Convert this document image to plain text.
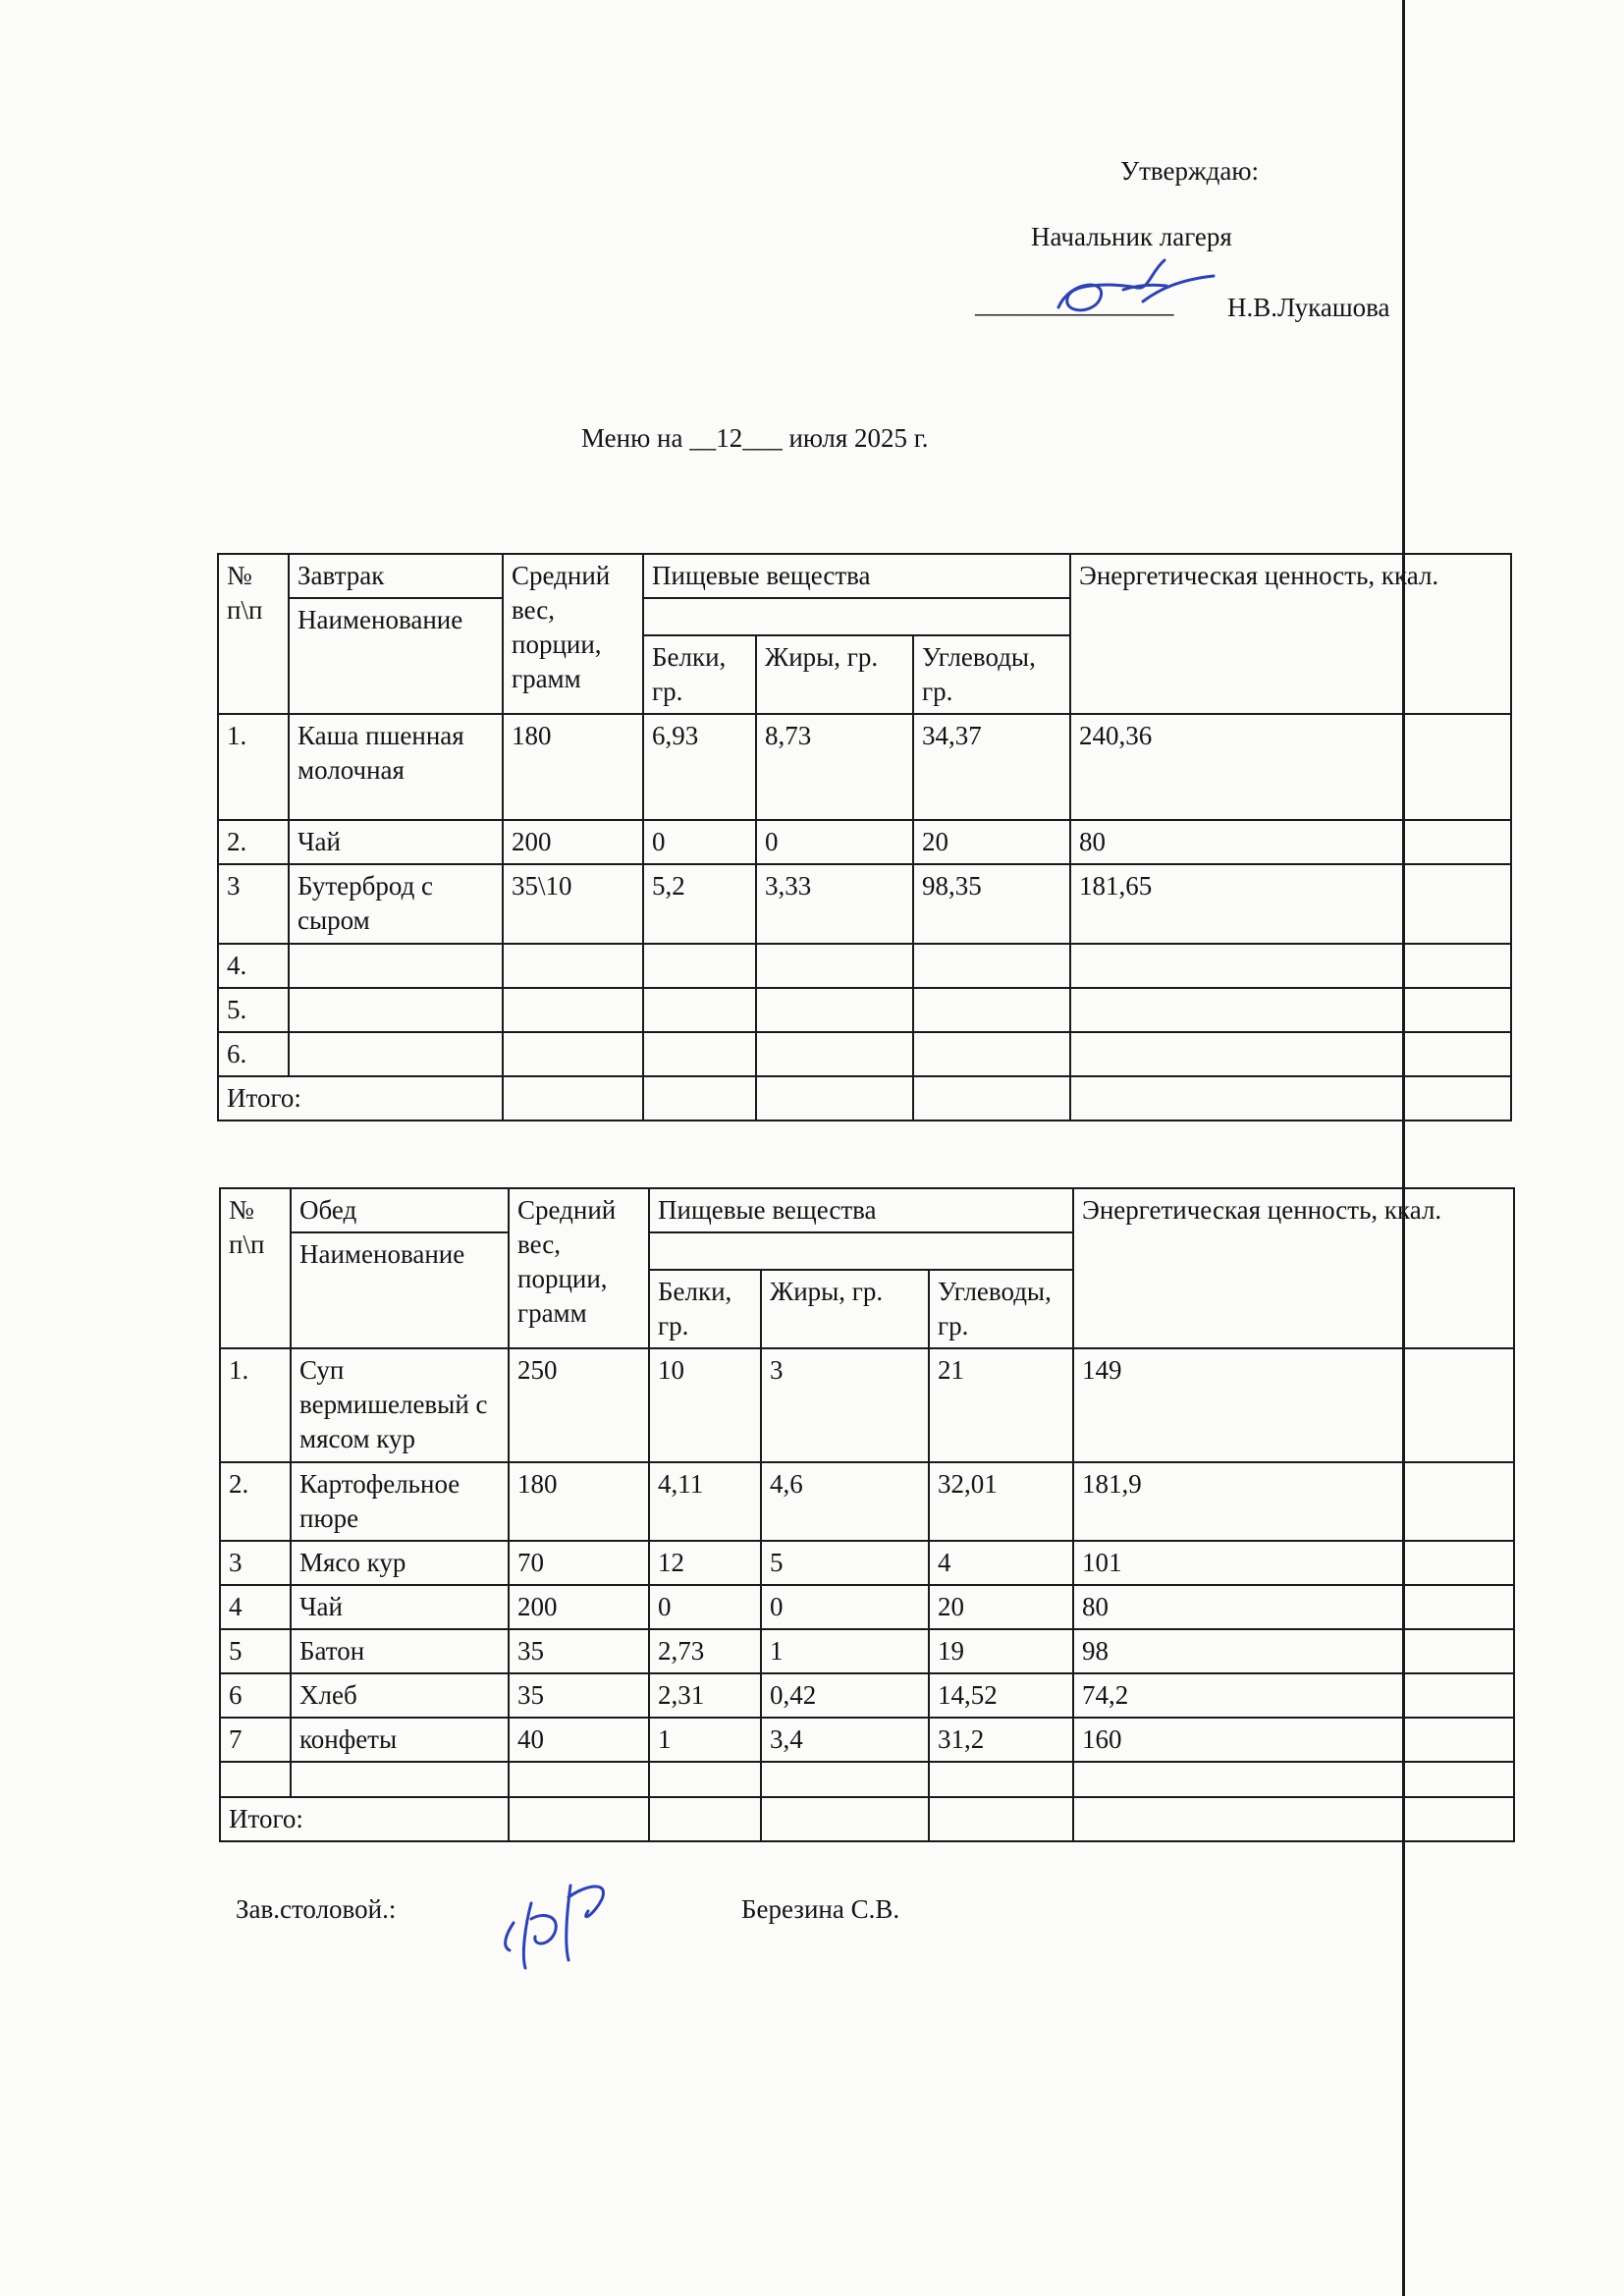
Утверждаю:
Начальник лагеря
_______________ Н.В.Лукашова
Меню на __12___ июля 2025 г.
№ п\п	Завтрак	Средний вес, порции, грамм	Пищевые вещества			Энергетическая ценность, ккал.
	Наименование					
			Белки, гр.	Жиры, гр.	Углеводы, гр.	
1.	Каша пшенная молочная	180	6,93	8,73	34,37	240,36
2.	Чай	200	0	0	20	80
3	Бутерброд с сыром	35\10	5,2	3,33	98,35	181,65
4.						
5.						
6.						
Итого:						
№ п\п	Обед	Средний вес, порции, грамм	Пищевые вещества			Энергетическая ценность, ккал.
	Наименование					
			Белки, гр.	Жиры, гр.	Углеводы, гр.	
1.	Суп вермишелевый с мясом кур	250	10	3	21	149
2.	Картофельное пюре	180	4,11	4,6	32,01	181,9
3	Мясо кур	70	12	5	4	101
4	Чай	200	0	0	20	80
5	Батон	35	2,73	1	19	98
6	Хлеб	35	2,31	0,42	14,52	74,2
7	конфеты	40	1	3,4	31,2	160

Итого:						
Зав.столовой.:	Березина С.В.
